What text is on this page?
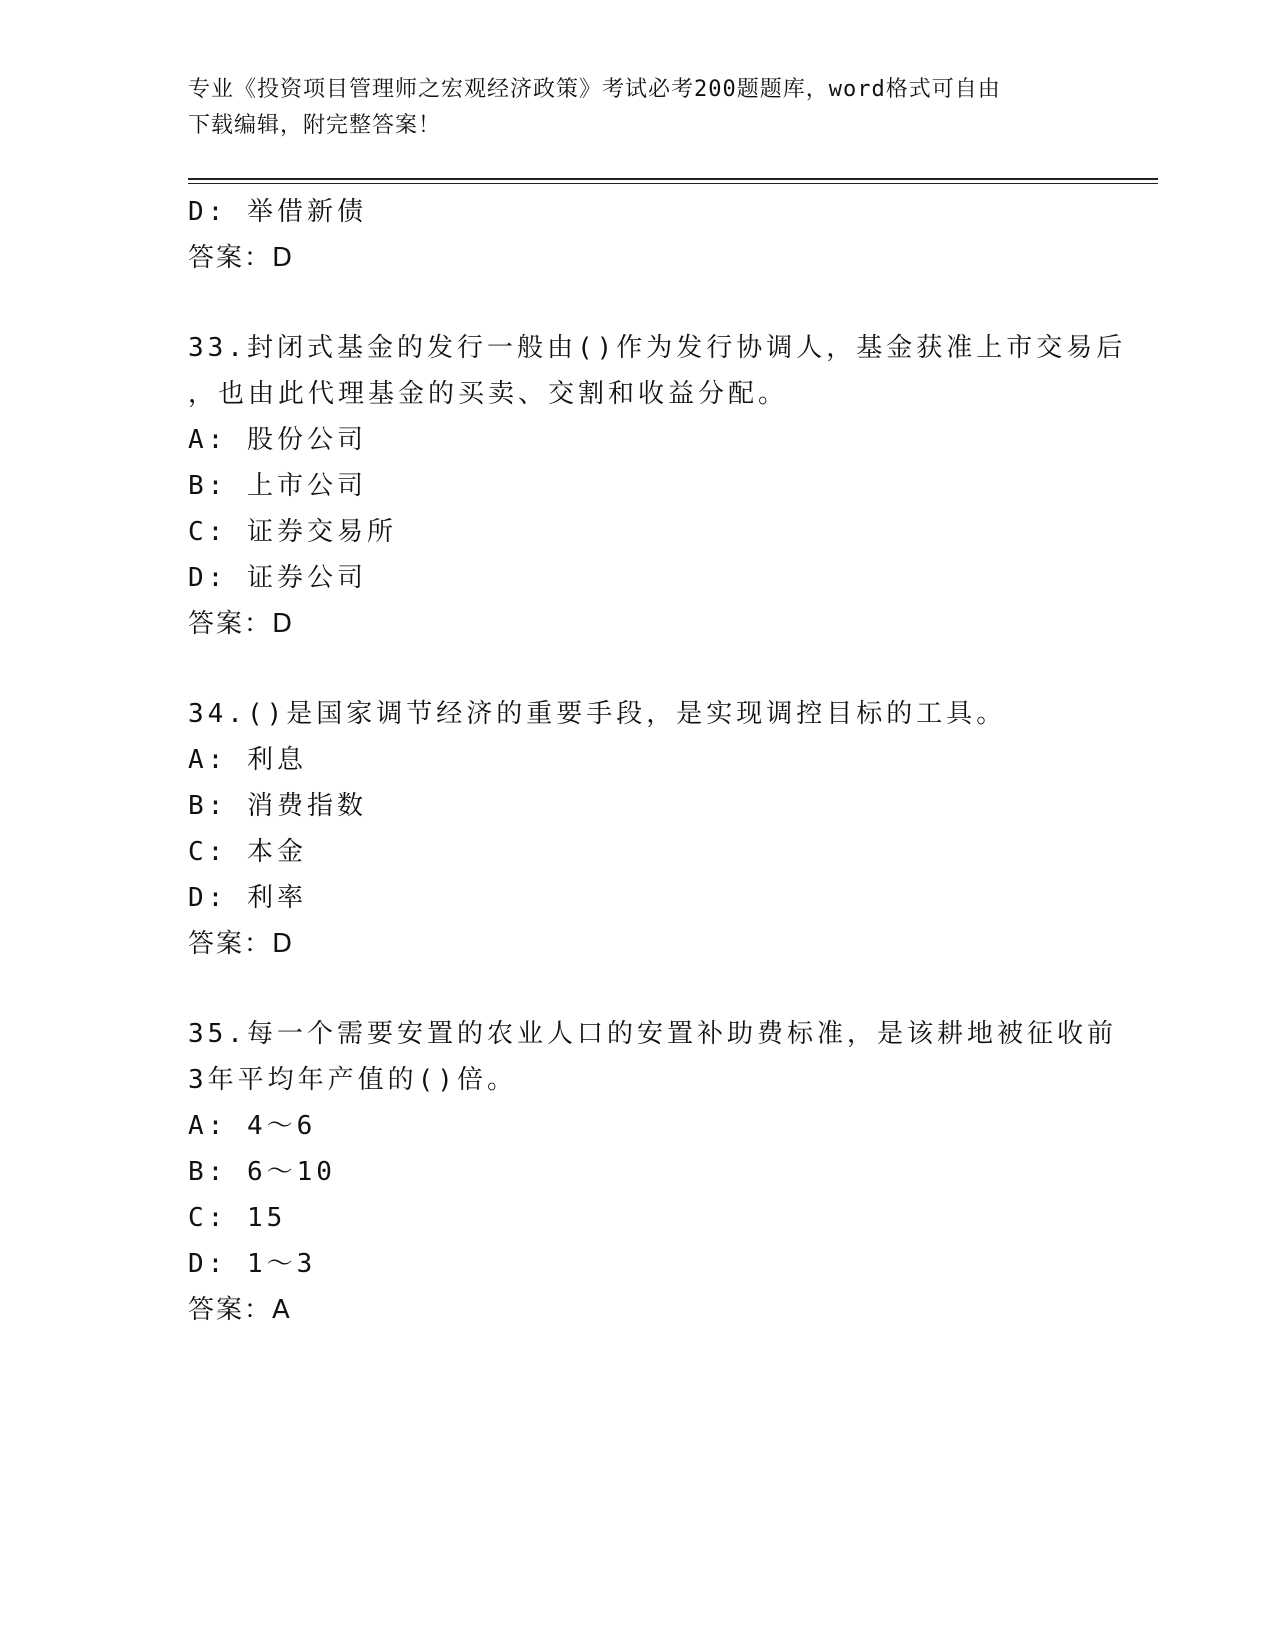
专业《投资项目管理师之宏观经济政策》考试必考200题题库，word格式可自由
下载编辑，附完整答案！
D: 举借新债
答案：D
33.封闭式基金的发行一般由()作为发行协调人，基金获准上市交易后
，也由此代理基金的买卖、交割和收益分配。
A: 股份公司
B: 上市公司
C: 证券交易所
D: 证券公司
答案：D
34.()是国家调节经济的重要手段，是实现调控目标的工具。
A: 利息
B: 消费指数
C: 本金
D: 利率
答案：D
35.每一个需要安置的农业人口的安置补助费标准，是该耕地被征收前
3年平均年产值的()倍。
A: 4～6
B: 6～10
C: 15
D: 1～3
答案：A
